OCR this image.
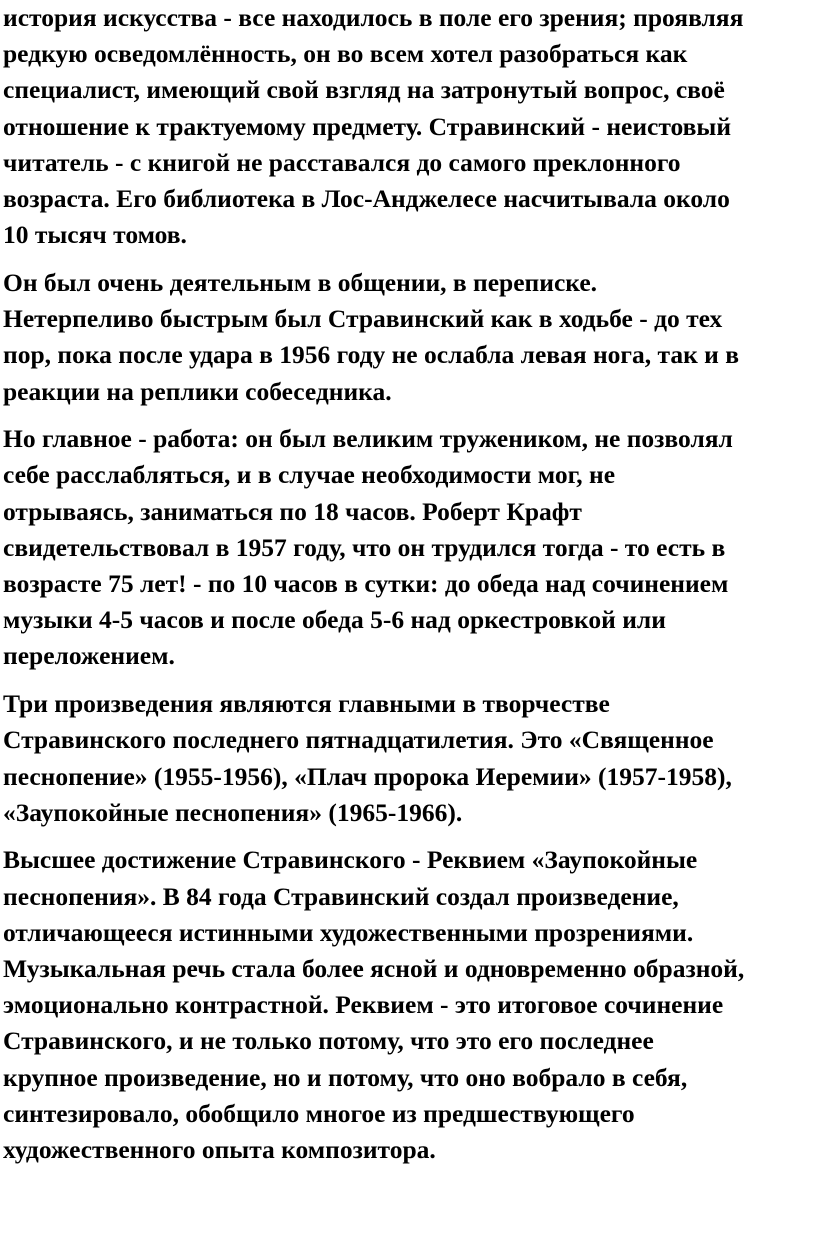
история искусства - все находилось в поле его зрения; проявляя
редкую осведомлённость, он во всем хотел разобраться как
специалист, имеющий свой взгляд на затронутый вопрос, своё
отношение к трактуемому предмету. Стравинский - неистовый
читатель - с книгой не расставался до самого преклонного
возраста. Его библиотека в Лос-Анджелесе насчитывала около
10 тысяч томов.
Он был очень деятельным в общении, в переписке.
Нетерпеливо быстрым был Стравинский как в ходьбе - до тех
пор, пока после удара в 1956 году не ослабла левая нога, так и в
реакции на реплики собеседника.
Но главное - работа: он был великим тружеником, не позволял
себе расслабляться, и в случае необходимости мог, не
отрываясь, заниматься по 18 часов. Роберт Крафт
свидетельствовал в 1957 году, что он трудился тогда - то есть в
возрасте 75 лет! - по 10 часов в сутки: до обеда над сочинением
музыки 4-5 часов и после обеда 5-6 над оркестровкой или
переложением.
Три произведения являются главными в творчестве
Стравинского последнего пятнадцатилетия. Это «Священное
песнопение» (1955-1956), «Плач пророка Иеремии» (1957-1958),
«Заупокойные песнопения» (1965-1966).
Высшее достижение Стравинского - Реквием «Заупокойные
песнопения». В 84 года Стравинский создал произведение,
отличающееся истинными художественными прозрениями.
Музыкальная речь стала более ясной и одновременно образной,
эмоционально контрастной. Реквием - это итоговое сочинение
Стравинского, и не только потому, что это его последнее
крупное произведение, но и потому, что оно вобрало в себя,
синтезировало, обобщило многое из предшествующего
художественного опыта композитора.
